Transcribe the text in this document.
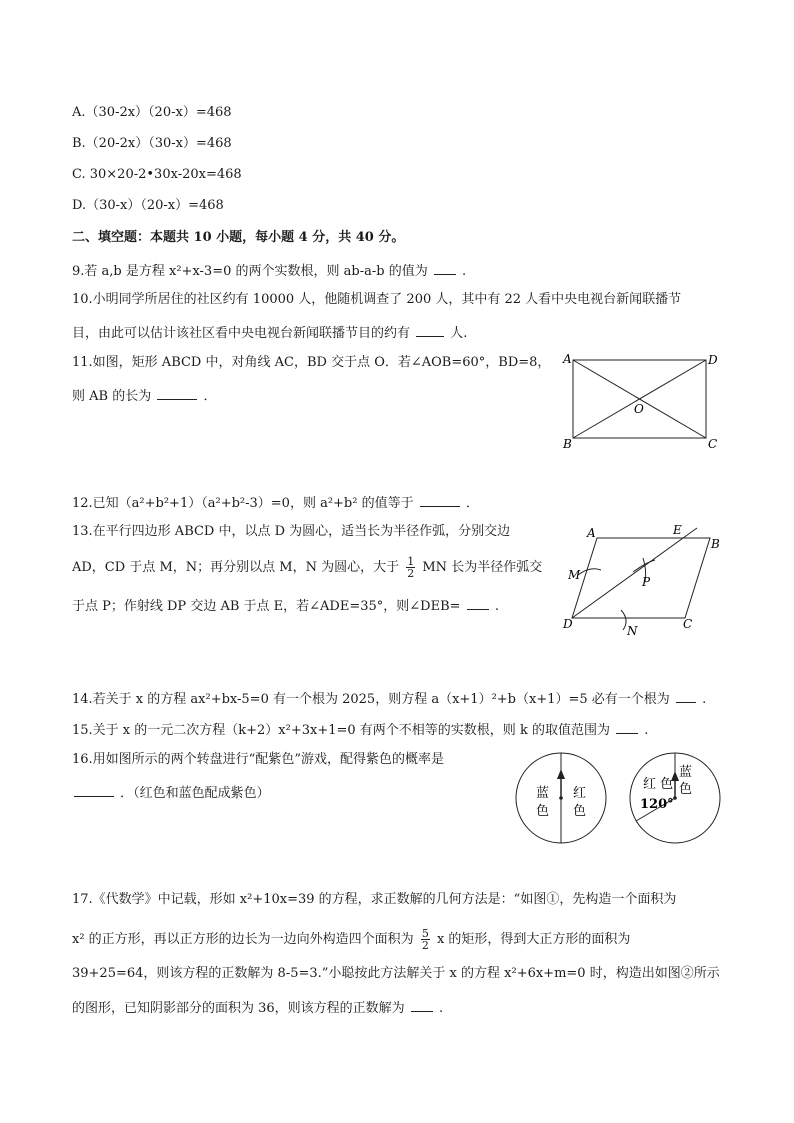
A.（30-2x）（20-x）=468
B.（20-2x）（30-x）=468
C. 30×20-2•30x-20x=468
D.（30-x）（20-x）=468
二、填空题：本题共 10 小题，每小题 4 分，共 40 分。
9.若 a,b 是方程 x²+x-3=0 的两个实数根，则 ab-a-b 的值为	.
10.小明同学所居住的社区约有 10000 人，他随机调查了 200 人，其中有 22 人看中央电视台新闻联播节
目，由此可以估计该社区看中央电视台新闻联播节目的约有	人.
11.如图，矩形 ABCD 中，对角线 AC，BD 交于点 O．若∠AOB=60°，BD=8，
则 AB 的长为	．
A	D
B	C
O
12.已知（a²+b²+1）（a²+b²-3）=0，则 a²+b² 的值等于	．
13.在平行四边形 ABCD 中，以点 D 为圆心，适当长为半径作弧，分别交边
AD，CD 于点 M，N；再分别以点 M，N 为圆心，大于 $\frac{1}{2}$ MN 长为半径作弧交
于点 P；作射线 DP 交边 AB 于点 E，若∠ADE=35°，则∠DEB=	.
A	E
B
M	P
D	N	C
14.若关于 x 的方程 ax²+bx-5=0 有一个根为 2025，则方程 a（x+1）²+b（x+1）=5 必有一个根为 .
15.关于 x 的一元二次方程（k+2）x²+3x+1=0 有两个不相等的实数根，则 k 的取值范围为	.
16.用如图所示的两个转盘进行“配紫色”游戏，配得紫色的概率是
．（红色和蓝色配成紫色）	蓝
色
红
色
红 色
蓝
色
120°
17.《代数学》中记载，形如 x²+10x=39 的方程，求正数解的几何方法是：“如图①，先构造一个面积为
x² 的正方形，再以正方形的边长为一边向外构造四个面积为 $\frac{5}{2}$ x 的矩形，得到大正方形的面积为
39+25=64，则该方程的正数解为 8-5=3.”小聪按此方法解关于 x 的方程 x²+6x+m=0 时，构造出如图②所示
的图形，已知阴影部分的面积为 36，则该方程的正数解为	.
